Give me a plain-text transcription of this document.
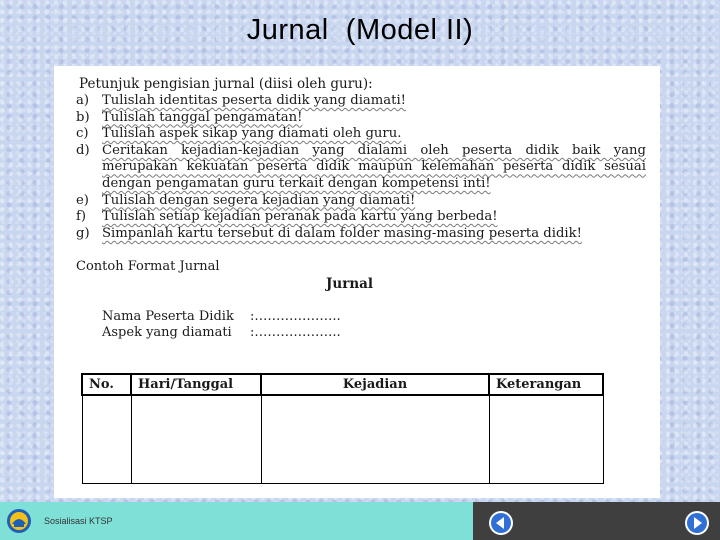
Jurnal  (Model II)
Petunjuk pengisian jurnal (diisi oleh guru):
a) Tulislah identitas peserta didik yang diamati!
b) Tulislah tanggal pengamatan!
c)	Tulislah aspek sikap yang diamati oleh guru.
d) Ceritakan kejadian-kejadian yang dialami oleh peserta didik baik yang merupakan kekuatan peserta didik maupun kelemahan peserta didik sesuai dengan pengamatan guru terkait dengan kompetensi inti!
e) Tulislah dengan segera kejadian yang diamati!
f)	Tulislah setiap kejadian peranak pada kartu yang berbeda!
g) Simpanlah kartu tersebut di dalam folder masing-masing peserta didik!
Contoh Format Jurnal
Jurnal
Nama Peserta Didik	:………………..
Aspek yang diamati	:………………..
No.	Hari/Tanggal	Kejadian	Keterangan

Sosialisasi KTSP
